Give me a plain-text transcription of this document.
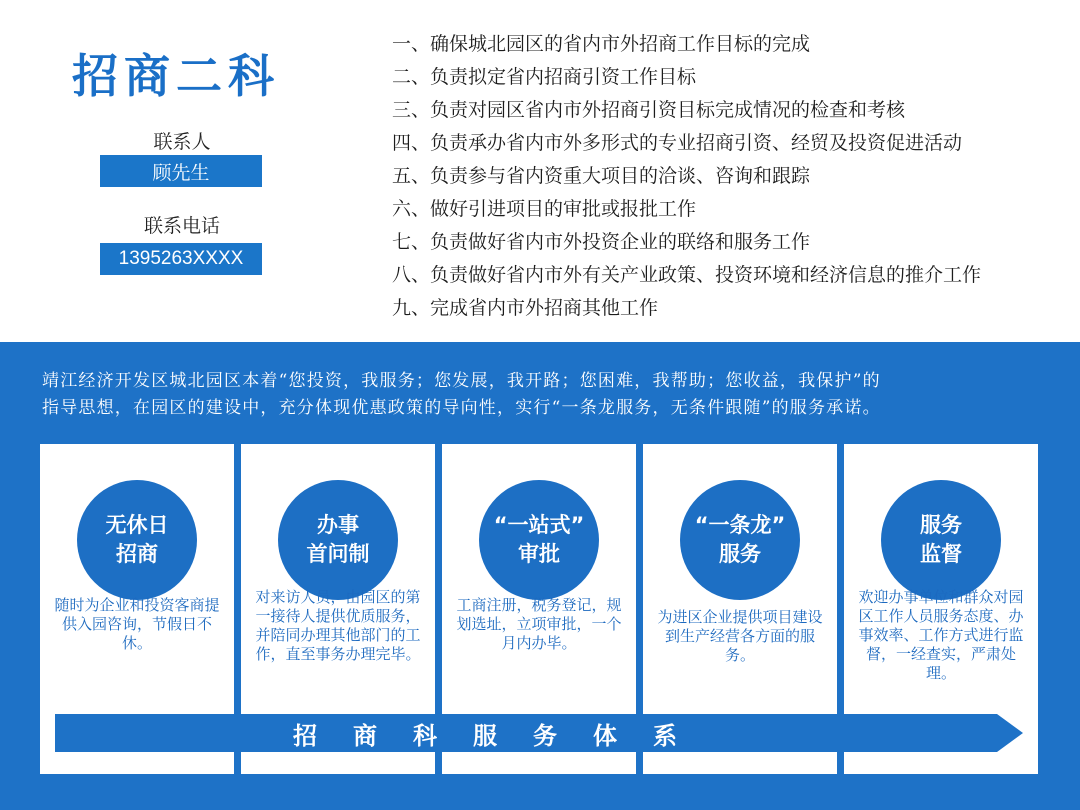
招商二科
联系人
顾先生
联系电话
1395263XXXX
一、确保城北园区的省内市外招商工作目标的完成
二、负责拟定省内招商引资工作目标
三、负责对园区省内市外招商引资目标完成情况的检查和考核
四、负责承办省内市外多形式的专业招商引资、经贸及投资促进活动
五、负责参与省内资重大项目的洽谈、咨询和跟踪
六、做好引进项目的审批或报批工作
七、负责做好省内市外投资企业的联络和服务工作
八、负责做好省内市外有关产业政策、投资环境和经济信息的推介工作
九、完成省内市外招商其他工作
靖江经济开发区城北园区本着“您投资，我服务；您发展，我开路；您困难，我帮助；您收益，我保护”的
指导思想，在园区的建设中，充分体现优惠政策的导向性，实行“一条龙服务，无条件跟随”的服务承诺。
无休日
招商
随时为企业和投资客商提供入园咨询，节假日不休。
办事
首问制
对来访人员，由园区的第一接待人提供优质服务，并陪同办理其他部门的工作，直至事务办理完毕。
“一站式”
审批
工商注册，税务登记，规划选址，立项审批，一个月内办毕。
“一条龙”
服务
为进区企业提供项目建设到生产经营各方面的服务。
服务
监督
欢迎办事单位和群众对园区工作人员服务态度、办事效率、工作方式进行监督，一经查实，严肃处理。
招商科服务体系
